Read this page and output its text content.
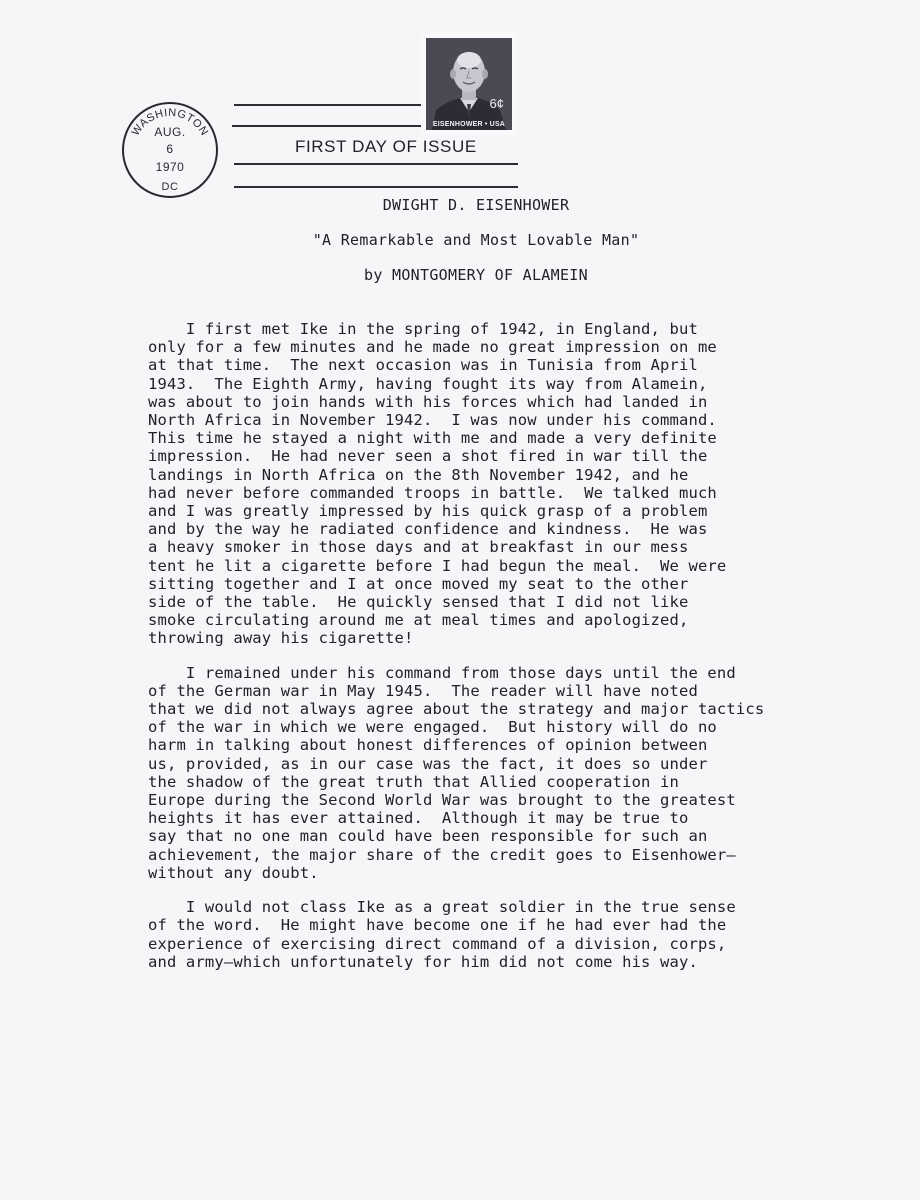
WASHINGTON
AUG.
6
1970
DC
6¢
EISENHOWER • USA
FIRST DAY OF ISSUE
DWIGHT D. EISENHOWER
"A Remarkable and Most Lovable Man"
by MONTGOMERY OF ALAMEIN
I first met Ike in the spring of 1942, in England, but
only for a few minutes and he made no great impression on me
at that time.  The next occasion was in Tunisia from April
1943.  The Eighth Army, having fought its way from Alamein,
was about to join hands with his forces which had landed in
North Africa in November 1942.  I was now under his command.
This time he stayed a night with me and made a very definite
impression.  He had never seen a shot fired in war till the
landings in North Africa on the 8th November 1942, and he
had never before commanded troops in battle.  We talked much
and I was greatly impressed by his quick grasp of a problem
and by the way he radiated confidence and kindness.  He was
a heavy smoker in those days and at breakfast in our mess
tent he lit a cigarette before I had begun the meal.  We were
sitting together and I at once moved my seat to the other
side of the table.  He quickly sensed that I did not like
smoke circulating around me at meal times and apologized,
throwing away his cigarette!
I remained under his command from those days until the end
of the German war in May 1945.  The reader will have noted
that we did not always agree about the strategy and major tactics
of the war in which we were engaged.  But history will do no
harm in talking about honest differences of opinion between
us, provided, as in our case was the fact, it does so under
the shadow of the great truth that Allied cooperation in
Europe during the Second World War was brought to the greatest
heights it has ever attained.  Although it may be true to
say that no one man could have been responsible for such an
achievement, the major share of the credit goes to Eisenhower—
without any doubt.
I would not class Ike as a great soldier in the true sense
of the word.  He might have become one if he had ever had the
experience of exercising direct command of a division, corps,
and army—which unfortunately for him did not come his way.
